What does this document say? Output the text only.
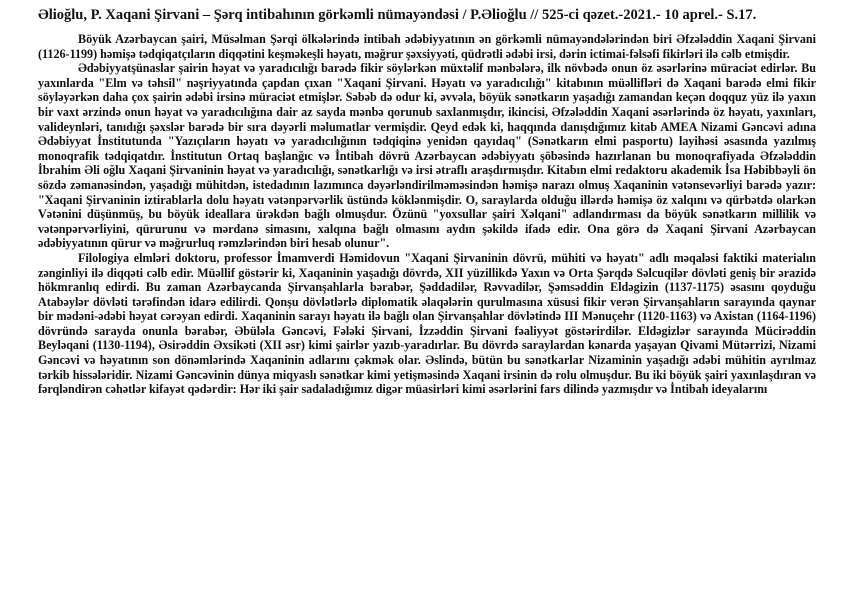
Əlioğlu, P. Xaqani Şirvani – Şərq intibahının görkəmli nümayəndəsi / P.Əlioğlu // 525-ci qəzet.-2021.- 10 aprel.- S.17.

Böyük Azərbaycan şairi, Müsəlman Şərqi ölkələrində intibah ədəbiyyatının ən görkəmli nümayəndələrindən biri Əfzələddin Xaqani Şirvani (1126-1199) həmişə tədqiqatçıların diqqətini keşməkeşli həyatı, məğrur şəxsiyyəti, qüdrətli ədəbi irsi, dərin ictimai-fəlsəfi fikirləri ilə cəlb etmişdir.

Ədəbiyyatşünaslar şairin həyat və yaradıcılığı barədə fikir söylərkən müxtəlif mənbələrə, ilk növbədə onun öz əsərlərinə müraciət edirlər. Bu yaxınlarda "Elm və təhsil" nəşriyyatında çapdan çıxan "Xaqani Şirvani. Həyatı və yaradıcılığı" kitabının müəllifləri də Xaqani barədə elmi fikir söyləyərkən daha çox şairin ədəbi irsinə müraciət etmişlər. Səbəb də odur ki, əvvəla, böyük sənətkarın yaşadığı zamandan keçən doqquz yüz ilə yaxın bir vaxt ərzində onun həyat və yaradıcılığına dair az sayda mənbə qorunub saxlanmışdır, ikincisi, Əfzələddin Xaqani əsərlərində öz həyatı, yaxınları, valideynləri, tanıdığı şəxslər barədə bir sıra dəyərli məlumatlar vermişdir. Qeyd edək ki, haqqında danışdığımız kitab AMEA Nizami Gəncəvi adına Ədəbiyyat İnstitutunda "Yazıçıların həyatı və yaradıcılığının tədqiqinə yenidən qayıdaq" (Sənətkarın elmi pasportu) layihəsi əsasında yazılmış monoqrafik tədqiqatdır. İnstitutun Ortaq başlanğıc və İntibah dövrü Azərbaycan ədəbiyyatı şöbəsində hazırlanan bu monoqrafiyada Əfzələddin İbrahim Əli oğlu Xaqani Şirvaninin həyat və yaradıcılığı, sənətkarlığı və irsi ətraflı araşdırmışdır. Kitabın elmi redaktoru akademik İsa Həbibbəyli ön sözdə zəmanəsindən, yaşadığı mühitdən, istedadının lazımınca dəyərləndirilməməsindən həmişə narazı olmuş Xaqaninin vətənsevərliyi barədə yazır: "Xaqani Şirvaninin iztirablarla dolu həyatı vətənpərvərlik üstündə köklənmişdir. O, saraylarda olduğu illərdə həmişə öz xalqını və qürbətdə olarkən Vətənini düşünmüş, bu böyük ideallara ürəkdən bağlı olmuşdur. Özünü "yoxsullar şairi Xəlqani" adlandırması da böyük sənətkarın millilik və vətənpərvərliyini, qürurunu və mərdanə simasını, xalqına bağlı olmasını aydın şəkildə ifadə edir. Ona görə də Xaqani Şirvani Azərbaycan ədəbiyyatının qürur və məğrurluq rəmzlərindən biri hesab olunur".

Filologiya elmləri doktoru, professor İmamverdi Həmidovun "Xaqani Şirvaninin dövrü, mühiti və həyatı" adlı məqaləsi faktiki materialın zənginliyi ilə diqqəti cəlb edir. Müəllif göstərir ki, Xaqaninin yaşadığı dövrdə, XII yüzillikdə Yaxın və Orta Şərqdə Səlcuqilər dövləti geniş bir ərazidə hökmranlıq edirdi. Bu zaman Azərbaycanda Şirvanşahlarla bərabər, Şəddadilər, Rəvvadilər, Şəmsəddin Eldəgizin (1137-1175) əsasını qoyduğu Atabəylər dövləti tərəfindən idarə edilirdi. Qonşu dövlətlərlə diplomatik əlaqələrin qurulmasına xüsusi fikir verən Şirvanşahların sarayında qaynar bir mədəni-ədəbi həyat cərəyan edirdi. Xaqaninin sarayı həyatı ilə bağlı olan Şirvanşahlar dövlətində III Mənuçehr (1120-1163) və Axistan (1164-1196) dövründə sarayda onunla bərabər, Əbüləla Gəncəvi, Fələki Şirvani, İzzəddin Şirvani fəaliyyət göstərirdilər. Eldəgizlər sarayında Mücirəddin Beyləqani (1130-1194), Əsirəddin Əxsikəti (XII əsr) kimi şairlər yazıb-yaradırlar. Bu dövrdə saraylardan kənarda yaşayan Qivami Mütərrizi, Nizami Gəncəvi və həyatının son dönəmlərində Xaqaninin adlarını çəkmək olar. Əslində, bütün bu sənətkarlar Nizaminin yaşadığı ədəbi mühitin ayrılmaz tərkib hissələridir. Nizami Gəncəvinin dünya miqyaslı sənətkar kimi yetişməsində Xaqani irsinin də rolu olmuşdur. Bu iki böyük şairi yaxınlaşdıran və fərqləndirən cəhətlər kifayət qədərdir: Hər iki şair sadaladığımız digər müasirləri kimi əsərlərini fars dilində yazmışdır və İntibah ideyalarını
